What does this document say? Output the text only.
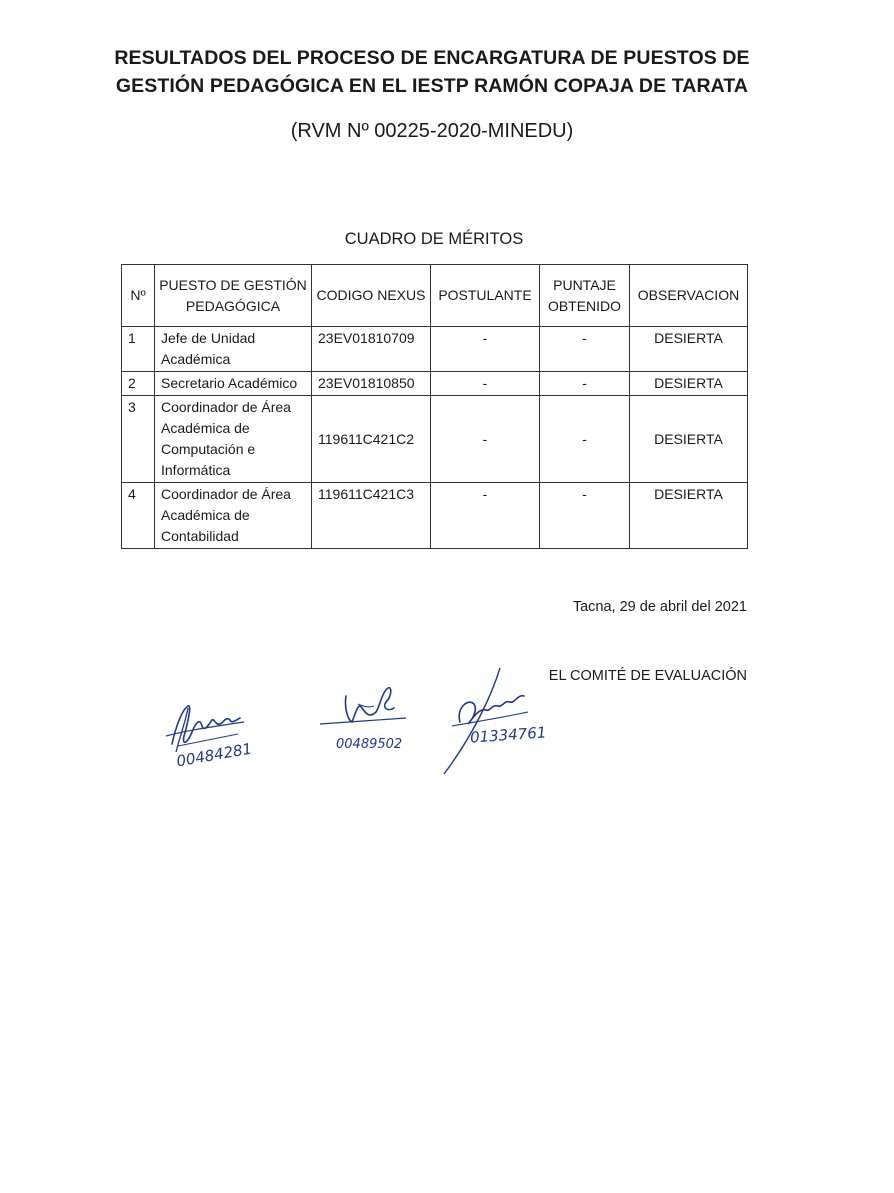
RESULTADOS DEL PROCESO DE ENCARGATURA DE PUESTOS DE
GESTIÓN PEDAGÓGICA EN EL IESTP RAMÓN COPAJA DE TARATA
(RVM Nº 00225-2020-MINEDU)
CUADRO DE MÉRITOS
Nº	PUESTO DE GESTIÓN PEDAGÓGICA	CODIGO NEXUS	POSTULANTE	PUNTAJE OBTENIDO	OBSERVACION
1	Jefe de Unidad Académica	23EV01810709	-	-	DESIERTA
2	Secretario Académico	23EV01810850	-	-	DESIERTA
3	Coordinador de Área Académica de Computación e Informática	119611C421C2	-	-	DESIERTA
4	Coordinador de Área Académica de Contabilidad	119611C421C3	-	-	DESIERTA
Tacna, 29 de abril del 2021
EL COMITÉ DE EVALUACIÓN
00484281	00489502	01334761
